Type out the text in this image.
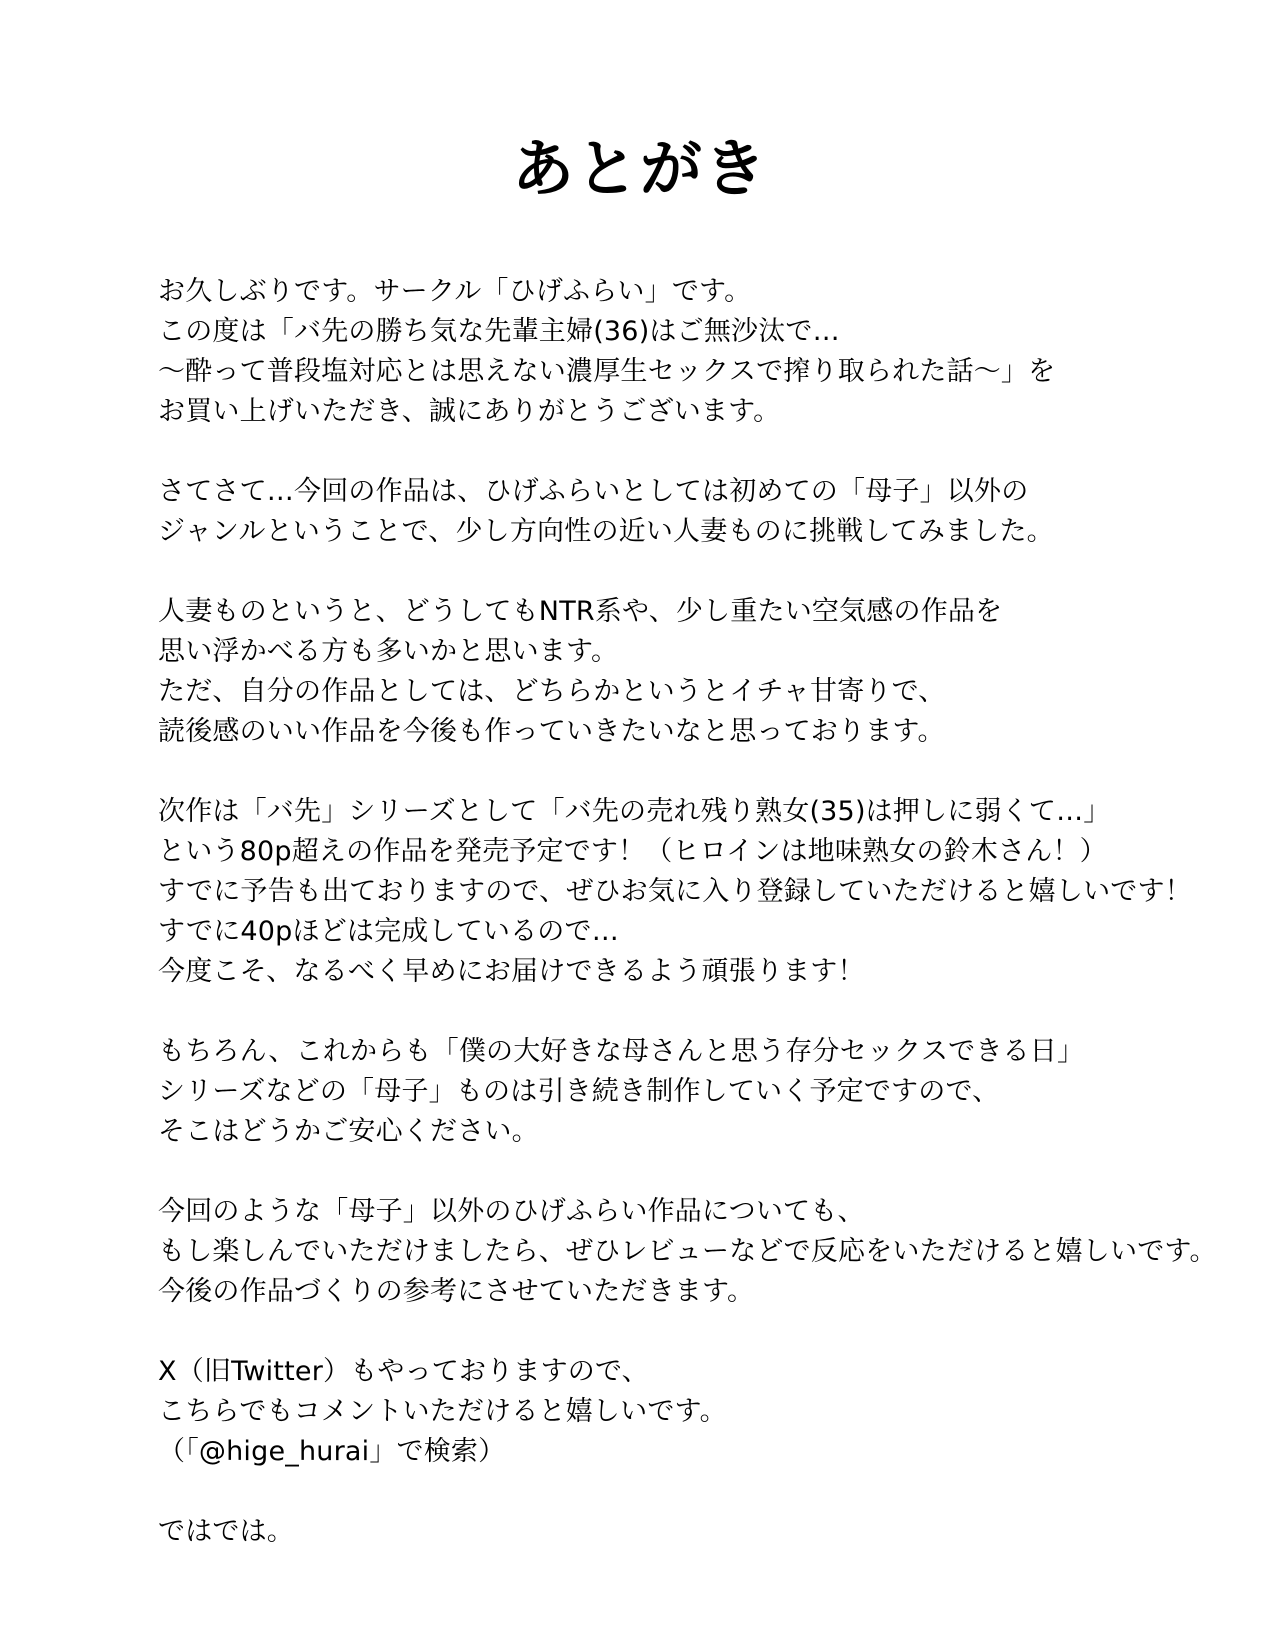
あとがき
お久しぶりです。サークル「ひげふらい」です。
この度は「バ先の勝ち気な先輩主婦(36)はご無沙汰で…
〜酔って普段塩対応とは思えない濃厚生セックスで搾り取られた話〜」を
お買い上げいただき、誠にありがとうございます。
さてさて…今回の作品は、ひげふらいとしては初めての「母子」以外の
ジャンルということで、少し方向性の近い人妻ものに挑戦してみました。
人妻ものというと、どうしてもNTR系や、少し重たい空気感の作品を
思い浮かべる方も多いかと思います。
ただ、自分の作品としては、どちらかというとイチャ甘寄りで、
読後感のいい作品を今後も作っていきたいなと思っております。
次作は「バ先」シリーズとして「バ先の売れ残り熟女(35)は押しに弱くて…」
という80p超えの作品を発売予定です！（ヒロインは地味熟女の鈴木さん！）
すでに予告も出ておりますので、ぜひお気に入り登録していただけると嬉しいです！
すでに40pほどは完成しているので…
今度こそ、なるべく早めにお届けできるよう頑張ります！
もちろん、これからも「僕の大好きな母さんと思う存分セックスできる日」
シリーズなどの「母子」ものは引き続き制作していく予定ですので、
そこはどうかご安心ください。
今回のような「母子」以外のひげふらい作品についても、
もし楽しんでいただけましたら、ぜひレビューなどで反応をいただけると嬉しいです。
今後の作品づくりの参考にさせていただきます。
X（旧Twitter）もやっておりますので、
こちらでもコメントいただけると嬉しいです。
（「@hige_hurai」で検索）
ではでは。
